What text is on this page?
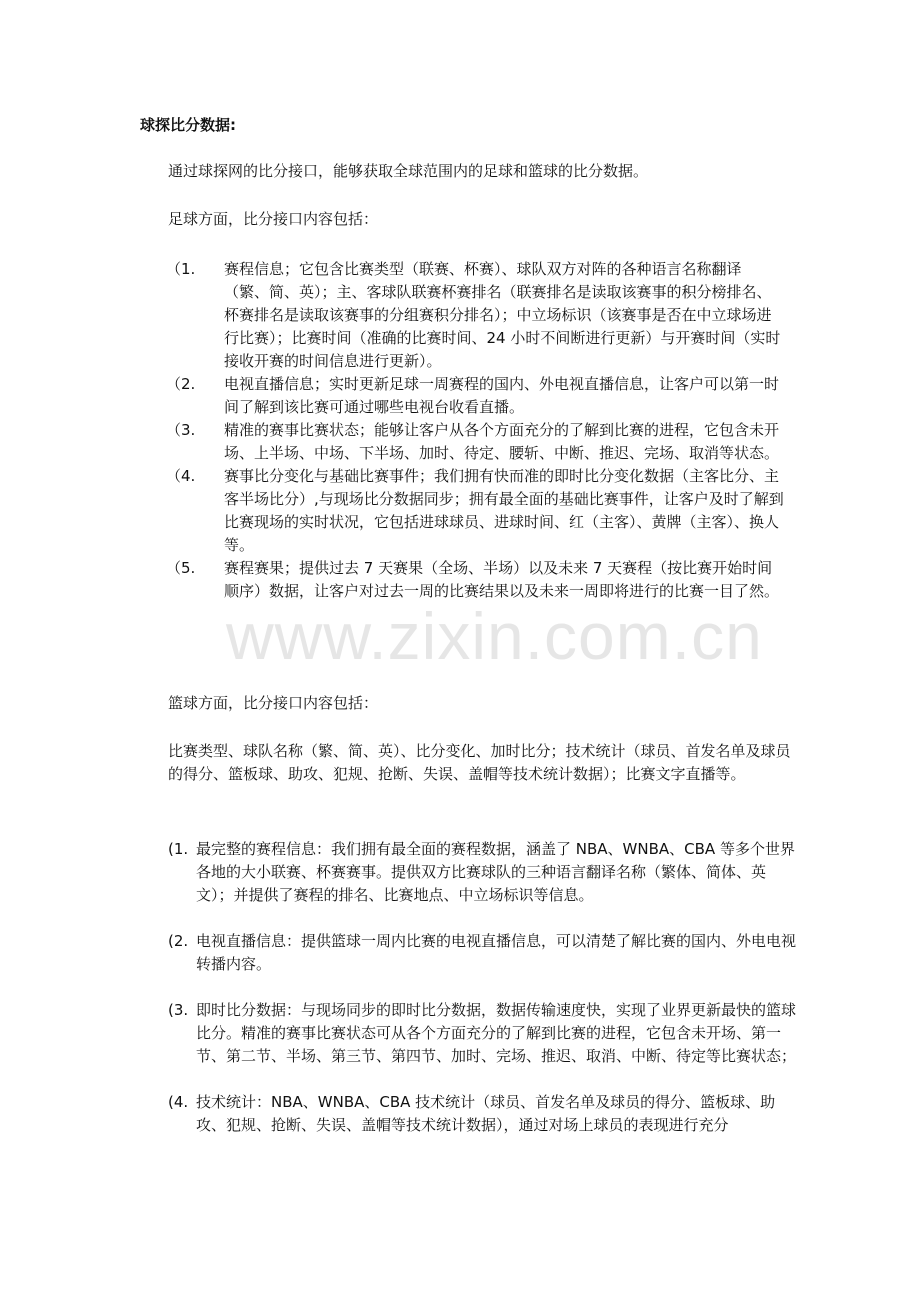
www.zixin.com.cn
球探比分数据:
通过球探网的比分接口，能够获取全球范围内的足球和篮球的比分数据。
足球方面，比分接口内容包括：
（1. 赛程信息；它包含比赛类型（联赛、杯赛）、球队双方对阵的各种语言名称翻译（繁、简、英）；主、客球队联赛杯赛排名（联赛排名是读取该赛事的积分榜排名、杯赛排名是读取该赛事的分组赛积分排名）；中立场标识（该赛事是否在中立球场进行比赛）；比赛时间（准确的比赛时间、24 小时不间断进行更新）与开赛时间（实时接收开赛的时间信息进行更新）。
（2. 电视直播信息；实时更新足球一周赛程的国内、外电视直播信息，让客户可以第一时间了解到该比赛可通过哪些电视台收看直播。
（3. 精准的赛事比赛状态；能够让客户从各个方面充分的了解到比赛的进程，它包含未开场、上半场、中场、下半场、加时、待定、腰斩、中断、推迟、完场、取消等状态。
（4. 赛事比分变化与基础比赛事件；我们拥有快而准的即时比分变化数据（主客比分、主客半场比分）,与现场比分数据同步；拥有最全面的基础比赛事件，让客户及时了解到比赛现场的实时状况，它包括进球球员、进球时间、红（主客）、黄牌（主客）、换人等。
（5. 赛程赛果；提供过去 7 天赛果（全场、半场）以及未来 7 天赛程（按比赛开始时间顺序）数据，让客户对过去一周的比赛结果以及未来一周即将进行的比赛一目了然。
篮球方面，比分接口内容包括：
比赛类型、球队名称（繁、简、英）、比分变化、加时比分；技术统计（球员、首发名单及球员的得分、篮板球、助攻、犯规、抢断、失误、盖帽等技术统计数据）；比赛文字直播等。
(1. 最完整的赛程信息：我们拥有最全面的赛程数据，涵盖了 NBA、WNBA、CBA 等多个世界各地的大小联赛、杯赛赛事。提供双方比赛球队的三种语言翻译名称（繁体、简体、英文）；并提供了赛程的排名、比赛地点、中立场标识等信息。
(2. 电视直播信息：提供篮球一周内比赛的电视直播信息，可以清楚了解比赛的国内、外电电视转播内容。
(3. 即时比分数据：与现场同步的即时比分数据，数据传输速度快，实现了业界更新最快的篮球比分。精准的赛事比赛状态可从各个方面充分的了解到比赛的进程，它包含未开场、第一节、第二节、半场、第三节、第四节、加时、完场、推迟、取消、中断、待定等比赛状态；
(4. 技术统计：NBA、WNBA、CBA 技术统计（球员、首发名单及球员的得分、篮板球、助攻、犯规、抢断、失误、盖帽等技术统计数据），通过对场上球员的表现进行充分
